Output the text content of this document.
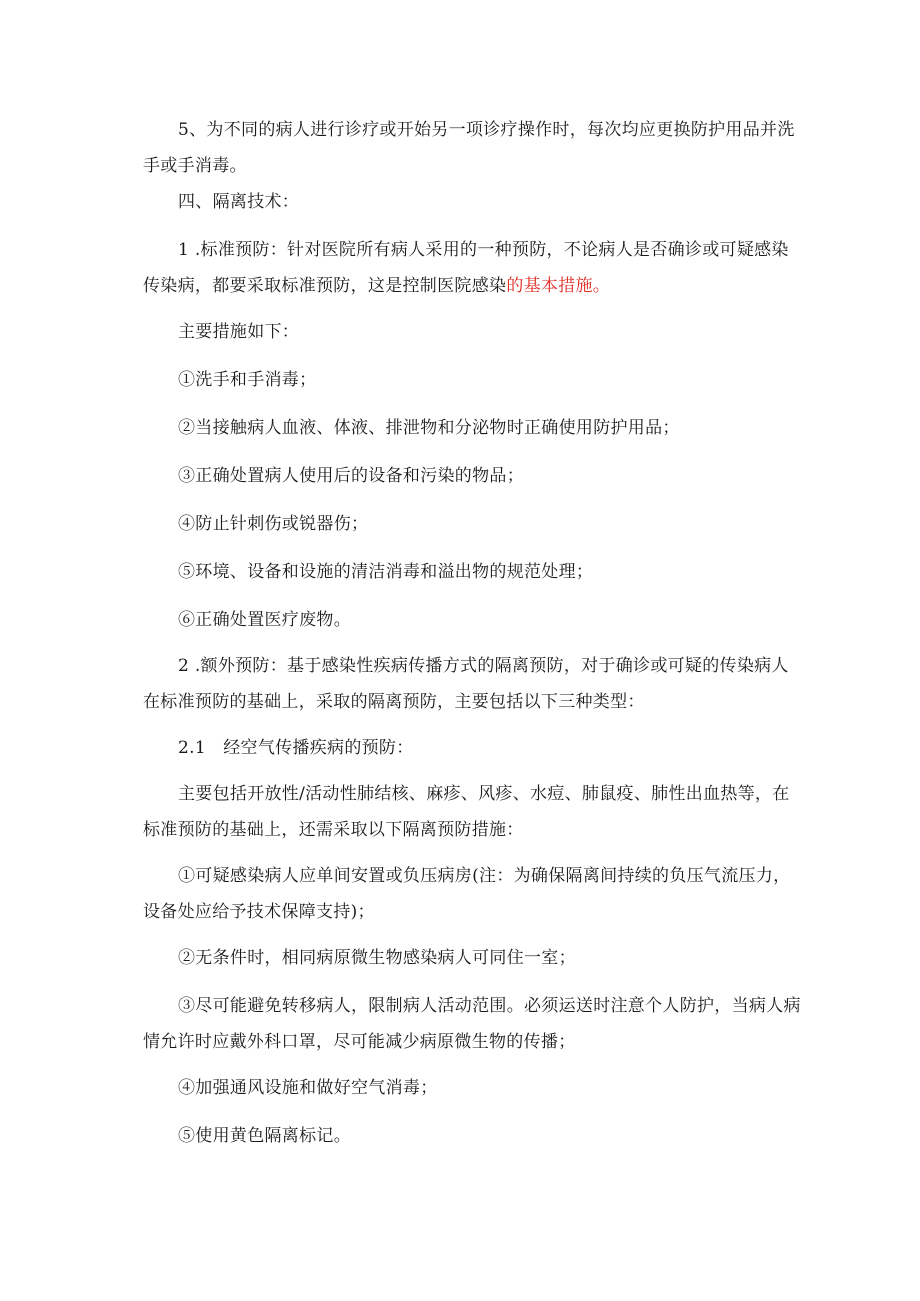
5、为不同的病人进行诊疗或开始另一项诊疗操作时，每次均应更换防护用品并洗手或手消毒。

四、隔离技术：

1 .标准预防：针对医院所有病人采用的一种预防，不论病人是否确诊或可疑感染传染病，都要采取标准预防，这是控制医院感染的基本措施。

主要措施如下：

①洗手和手消毒；

②当接触病人血液、体液、排泄物和分泌物时正确使用防护用品；

③正确处置病人使用后的设备和污染的物品；

④防止针刺伤或锐器伤；

⑤环境、设备和设施的清洁消毒和溢出物的规范处理；

⑥正确处置医疗废物。

2 .额外预防：基于感染性疾病传播方式的隔离预防，对于确诊或可疑的传染病人在标准预防的基础上，采取的隔离预防，主要包括以下三种类型：

2.1　经空气传播疾病的预防：

主要包括开放性/活动性肺结核、麻疹、风疹、水痘、肺鼠疫、肺性出血热等，在标准预防的基础上，还需采取以下隔离预防措施：

①可疑感染病人应单间安置或负压病房(注：为确保隔离间持续的负压气流压力，设备处应给予技术保障支持)；

②无条件时，相同病原微生物感染病人可同住一室；

③尽可能避免转移病人，限制病人活动范围。必须运送时注意个人防护，当病人病情允许时应戴外科口罩，尽可能减少病原微生物的传播；

④加强通风设施和做好空气消毒；

⑤使用黄色隔离标记。
